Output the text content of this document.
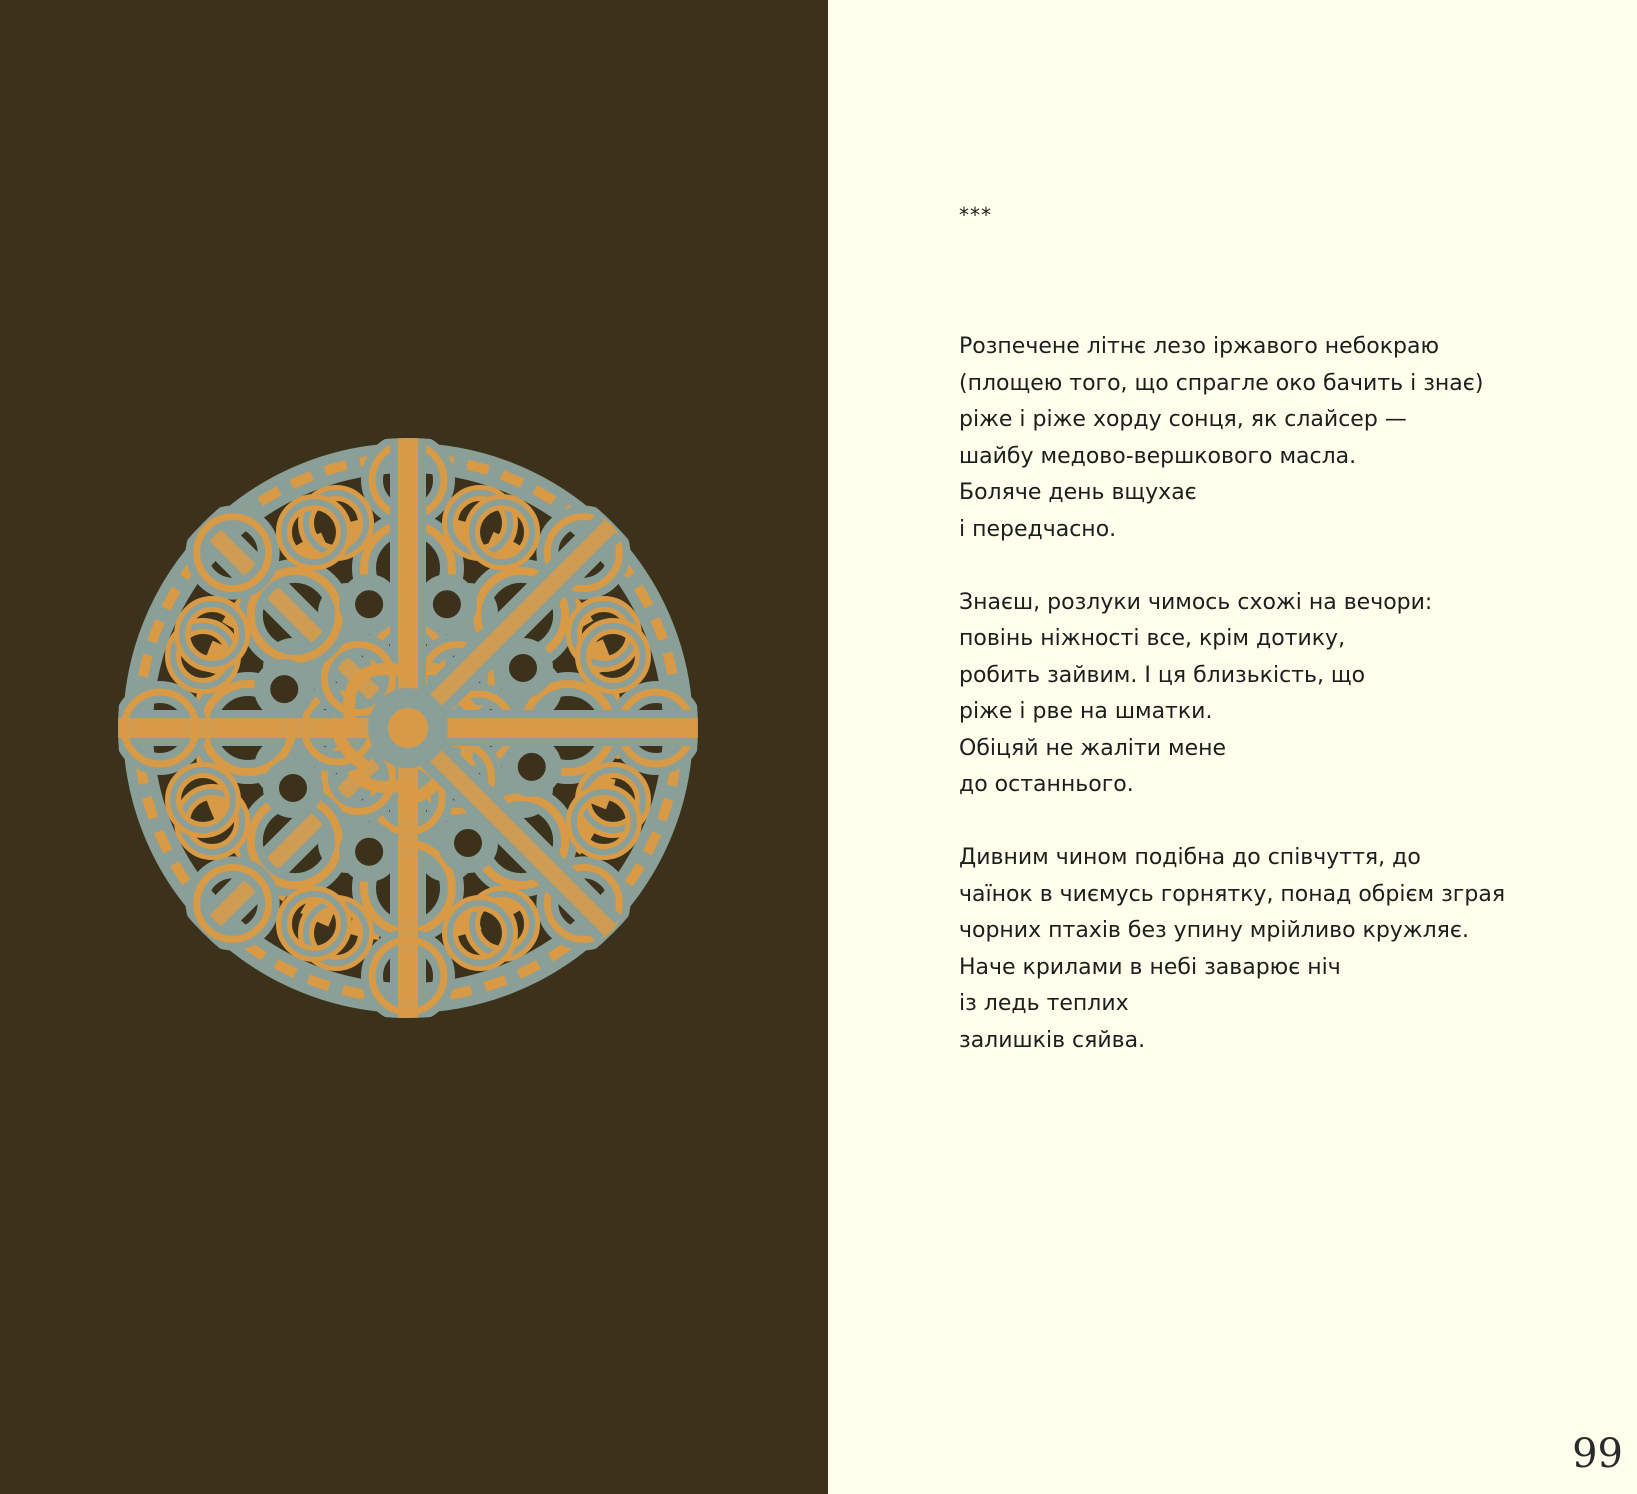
***
Розпечене літнє лезо іржавого небокраю
(площею того, що спрагле око бачить і знає)
ріже і ріже хорду сонця, як слайсер —
шайбу медово-вершкового масла.
Боляче день вщухає
і передчасно.
Знаєш, розлуки чимось схожі на вечори:
повінь ніжності все, крім дотику,
робить зайвим. І ця близькість, що
ріже і рве на шматки.
Обіцяй не жаліти мене
до останнього.
Дивним чином подібна до співчуття, до
чаїнок в чиємусь горнятку, понад обрієм зграя
чорних птахів без упину мрійливо кружляє.
Наче крилами в небі заварює ніч
із ледь теплих
залишків сяйва.
99
